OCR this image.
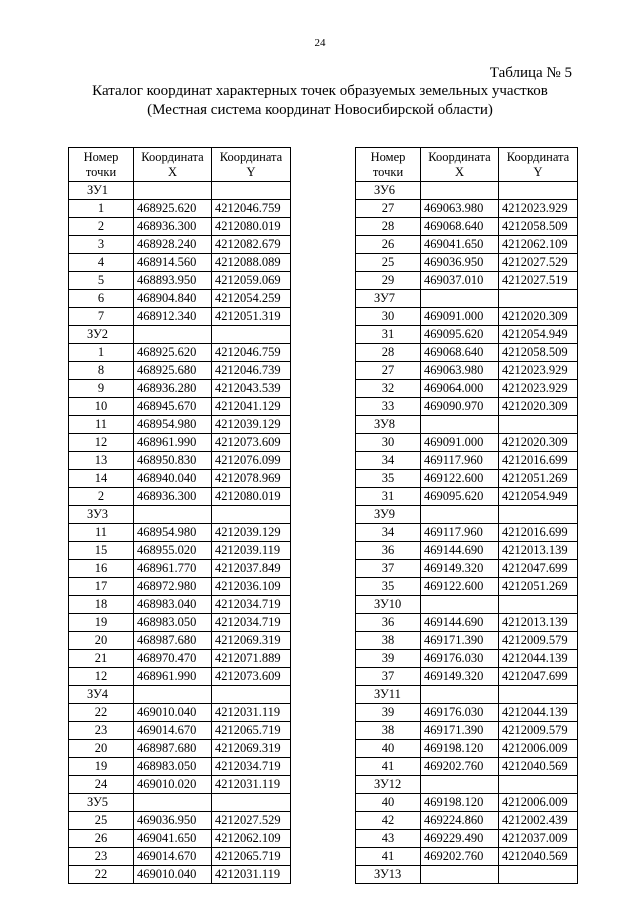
24
Таблица № 5
Каталог координат характерных точек образуемых земельных участков
(Местная система координат Новосибирской области)
Номер точки	Координата X	Координата Y
ЗУ1		
1	468925.620	4212046.759
2	468936.300	4212080.019
3	468928.240	4212082.679
4	468914.560	4212088.089
5	468893.950	4212059.069
6	468904.840	4212054.259
7	468912.340	4212051.319
ЗУ2		
1	468925.620	4212046.759
8	468925.680	4212046.739
9	468936.280	4212043.539
10	468945.670	4212041.129
11	468954.980	4212039.129
12	468961.990	4212073.609
13	468950.830	4212076.099
14	468940.040	4212078.969
2	468936.300	4212080.019
ЗУ3		
11	468954.980	4212039.129
15	468955.020	4212039.119
16	468961.770	4212037.849
17	468972.980	4212036.109
18	468983.040	4212034.719
19	468983.050	4212034.719
20	468987.680	4212069.319
21	468970.470	4212071.889
12	468961.990	4212073.609
ЗУ4		
22	469010.040	4212031.119
23	469014.670	4212065.719
20	468987.680	4212069.319
19	468983.050	4212034.719
24	469010.020	4212031.119
ЗУ5		
25	469036.950	4212027.529
26	469041.650	4212062.109
23	469014.670	4212065.719
22	469010.040	4212031.119
Номер точки	Координата X	Координата Y
ЗУ6		
27	469063.980	4212023.929
28	469068.640	4212058.509
26	469041.650	4212062.109
25	469036.950	4212027.529
29	469037.010	4212027.519
ЗУ7		
30	469091.000	4212020.309
31	469095.620	4212054.949
28	469068.640	4212058.509
27	469063.980	4212023.929
32	469064.000	4212023.929
33	469090.970	4212020.309
ЗУ8		
30	469091.000	4212020.309
34	469117.960	4212016.699
35	469122.600	4212051.269
31	469095.620	4212054.949
ЗУ9		
34	469117.960	4212016.699
36	469144.690	4212013.139
37	469149.320	4212047.699
35	469122.600	4212051.269
ЗУ10		
36	469144.690	4212013.139
38	469171.390	4212009.579
39	469176.030	4212044.139
37	469149.320	4212047.699
ЗУ11		
39	469176.030	4212044.139
38	469171.390	4212009.579
40	469198.120	4212006.009
41	469202.760	4212040.569
ЗУ12		
40	469198.120	4212006.009
42	469224.860	4212002.439
43	469229.490	4212037.009
41	469202.760	4212040.569
ЗУ13		
